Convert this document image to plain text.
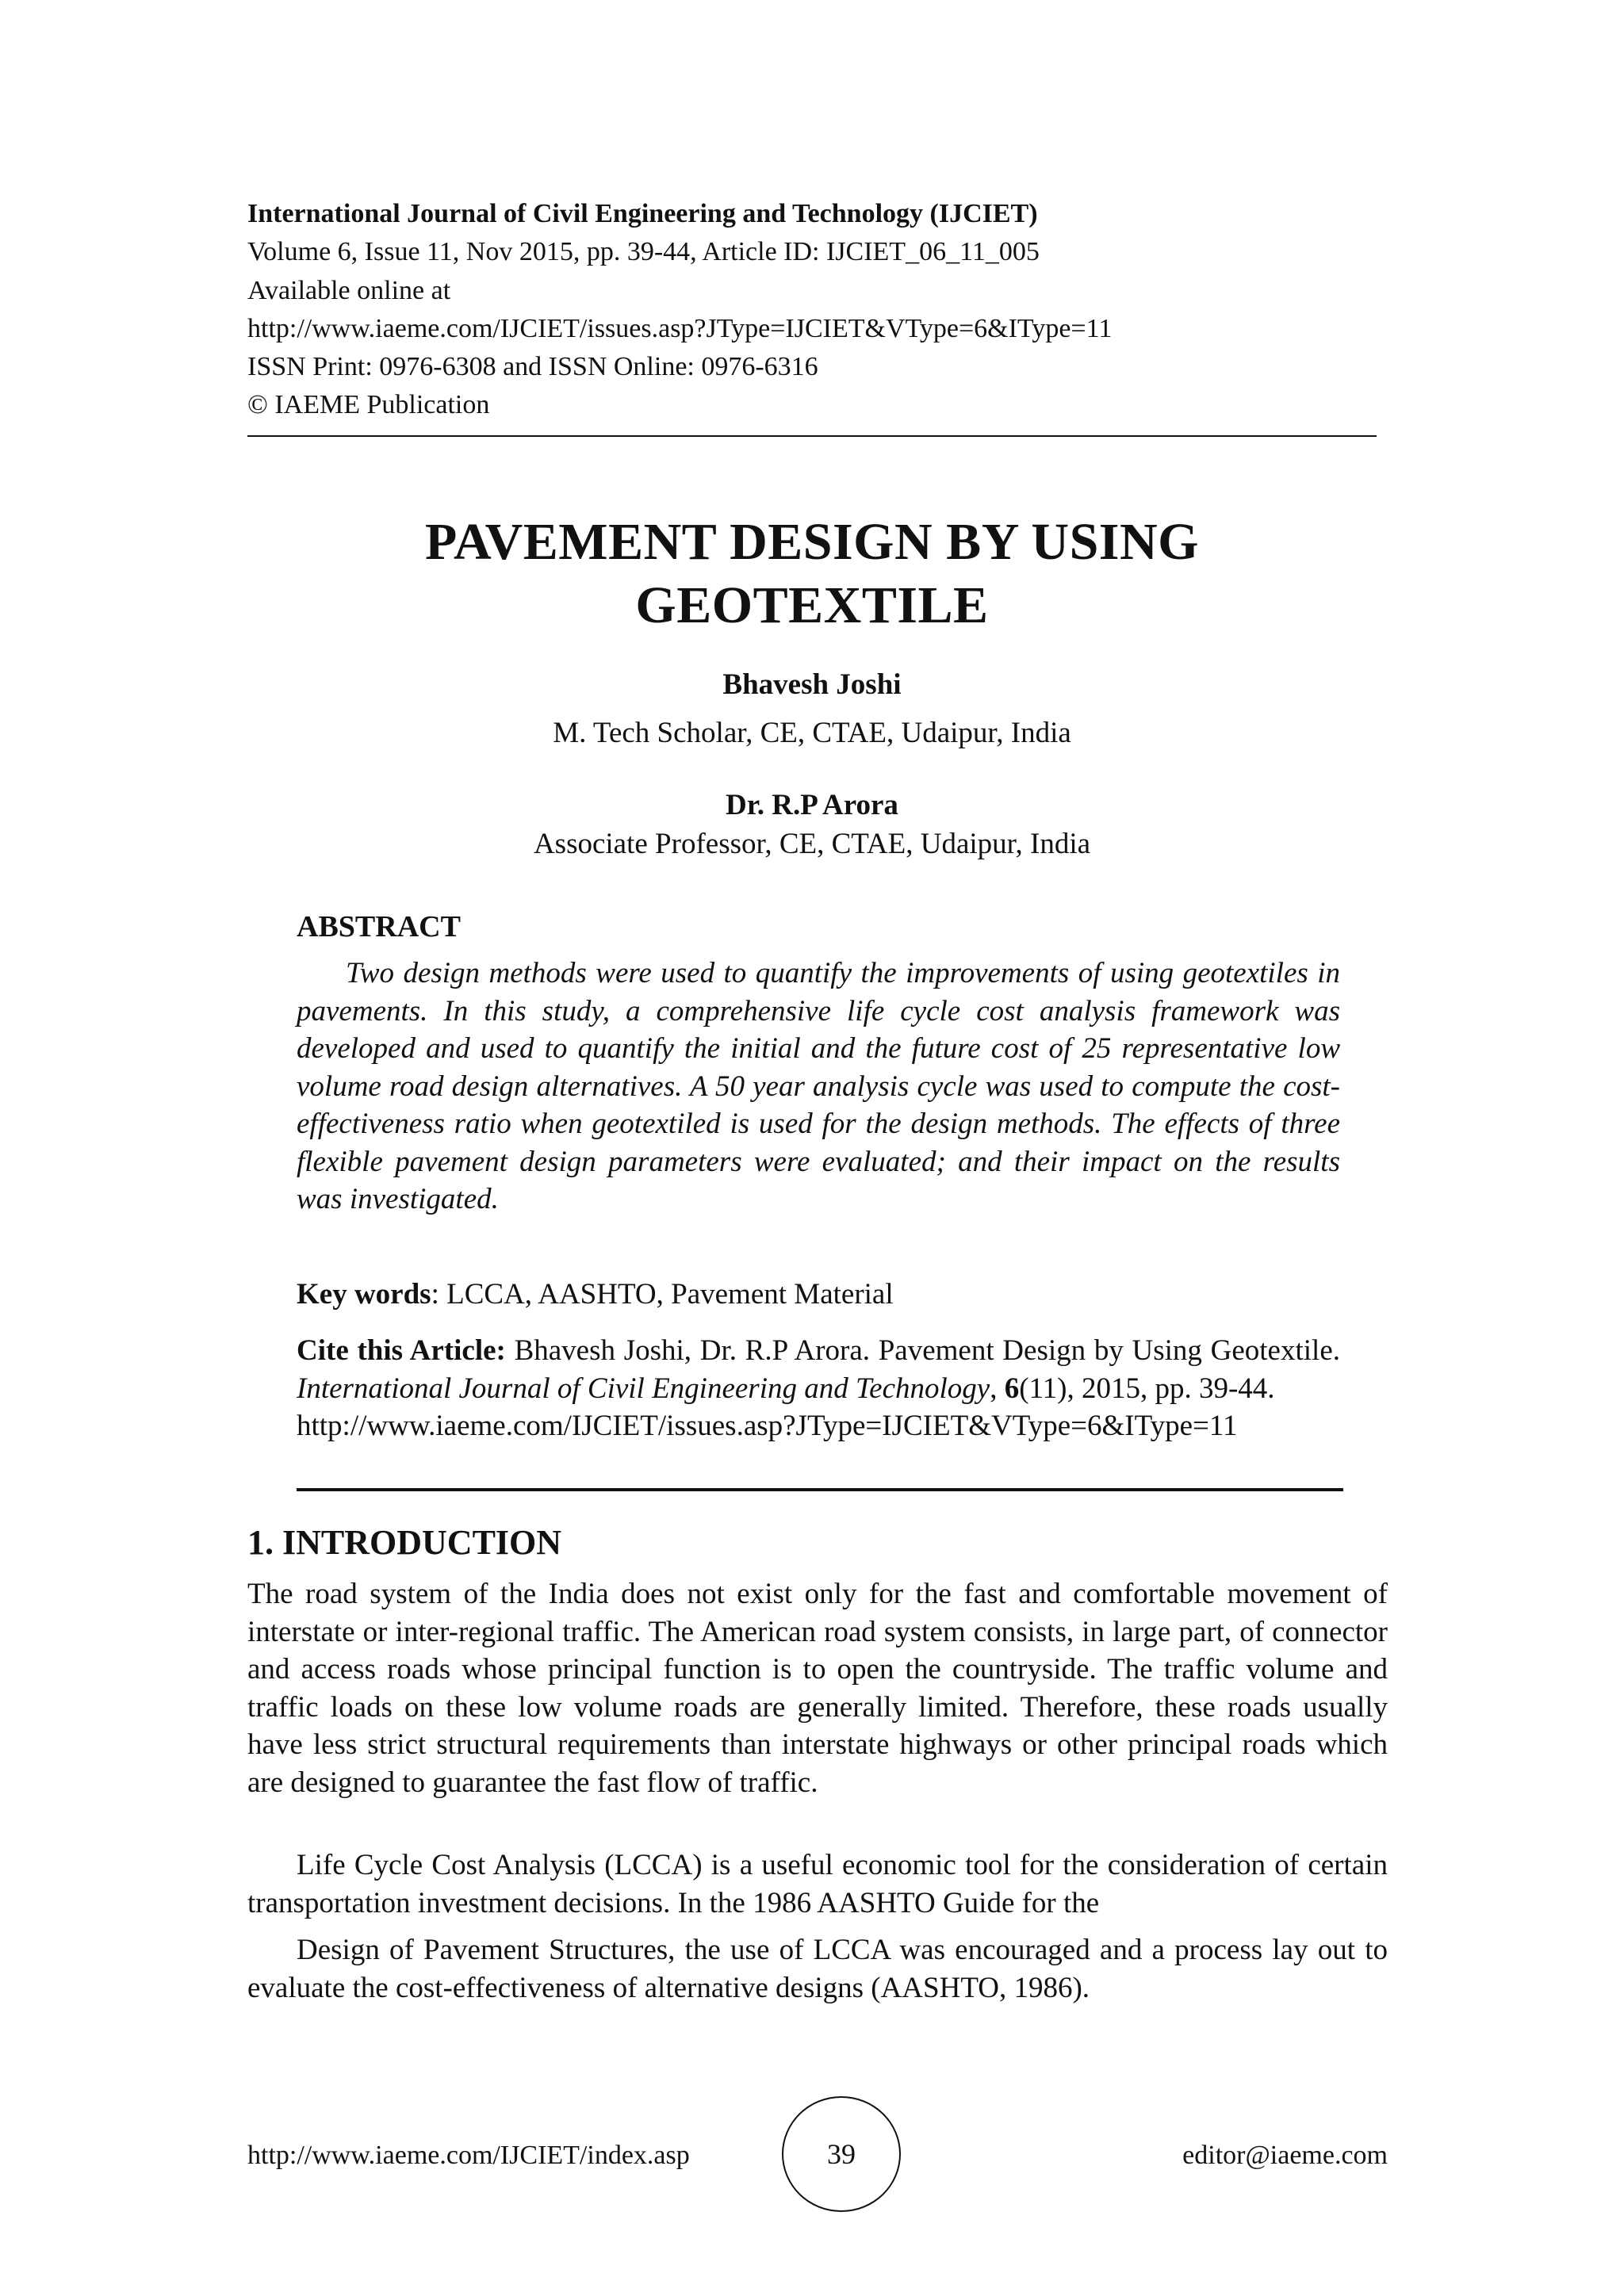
International Journal of Civil Engineering and Technology (IJCIET)
Volume 6, Issue 11, Nov 2015, pp. 39-44, Article ID: IJCIET_06_11_005
Available online at
http://www.iaeme.com/IJCIET/issues.asp?JType=IJCIET&VType=6&IType=11
ISSN Print: 0976-6308 and ISSN Online: 0976-6316
© IAEME Publication
PAVEMENT DESIGN BY USING
GEOTEXTILE
Bhavesh Joshi
M. Tech Scholar, CE, CTAE, Udaipur, India
Dr. R.P Arora
Associate Professor, CE, CTAE, Udaipur, India
ABSTRACT

Two design methods were used to quantify the improvements of using geotextiles in pavements. In this study, a comprehensive life cycle cost analysis framework was developed and used to quantify the initial and the future cost of 25 representative low volume road design alternatives. A 50 year analysis cycle was used to compute the cost-effectiveness ratio when geotextiled is used for the design methods. The effects of three flexible pavement design parameters were evaluated; and their impact on the results was investigated.

Key words: LCCA, AASHTO, Pavement Material

Cite this Article: Bhavesh Joshi, Dr. R.P Arora. Pavement Design by Using Geotextile. International Journal of Civil Engineering and Technology, 6(11), 2015, pp. 39-44.
http://www.iaeme.com/IJCIET/issues.asp?JType=IJCIET&VType=6&IType=11

1. INTRODUCTION

The road system of the India does not exist only for the fast and comfortable movement of interstate or inter-regional traffic. The American road system consists, in large part, of connector and access roads whose principal function is to open the countryside. The traffic volume and traffic loads on these low volume roads are generally limited. Therefore, these roads usually have less strict structural requirements than interstate highways or other principal roads which are designed to guarantee the fast flow of traffic.

Life Cycle Cost Analysis (LCCA) is a useful economic tool for the consideration of certain transportation investment decisions. In the 1986 AASHTO Guide for the

Design of Pavement Structures, the use of LCCA was encouraged and a process lay out to evaluate the cost-effectiveness of alternative designs (AASHTO, 1986).

http://www.iaeme.com/IJCIET/index.asp	39	editor@iaeme.com
